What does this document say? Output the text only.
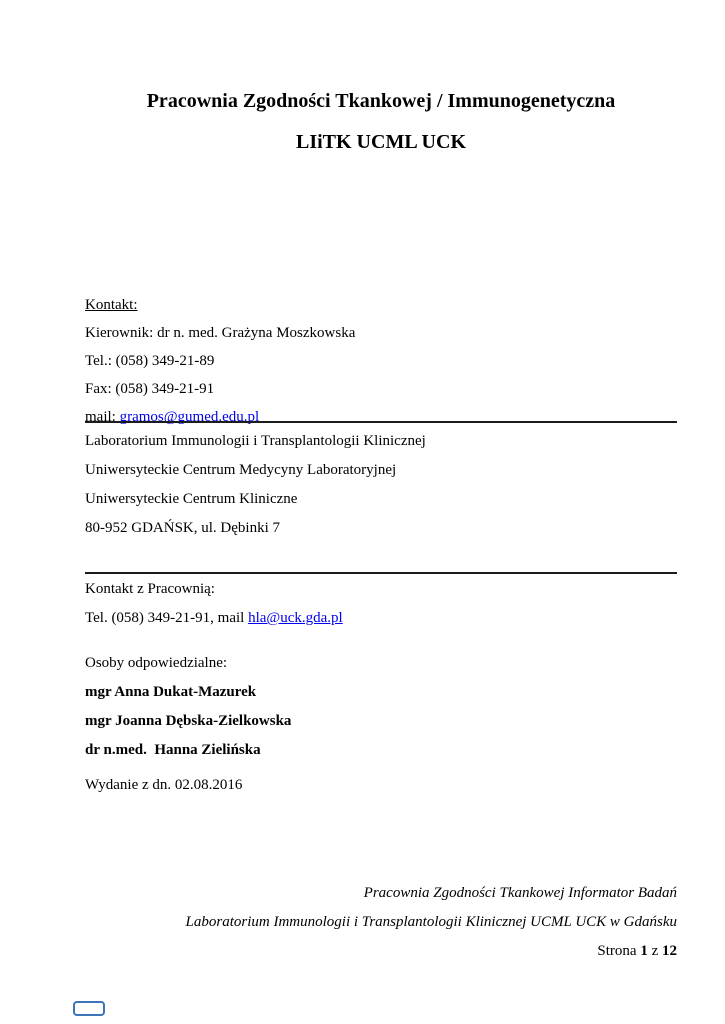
Pracownia Zgodności Tkankowej / Immunogenetyczna
LIiTK UCML UCK
Kontakt:
Kierownik: dr n. med. Grażyna Moszkowska
Tel.: (058) 349-21-89
Fax: (058) 349-21-91
mail: gramos@gumed.edu.pl
Laboratorium Immunologii i Transplantologii Klinicznej
Uniwersyteckie Centrum Medycyny Laboratoryjnej
Uniwersyteckie Centrum Kliniczne
80-952 GDAŃSK, ul. Dębinki 7
Kontakt z Pracownią:
Tel. (058) 349-21-91, mail hla@uck.gda.pl
Osoby odpowiedzialne:
mgr Anna Dukat-Mazurek
mgr Joanna Dębska-Zielkowska
dr n.med.  Hanna Zielińska
Wydanie z dn. 02.08.2016
Pracownia Zgodności Tkankowej Informator Badań
Laboratorium Immunologii i Transplantologii Klinicznej UCML UCK w Gdańsku
Strona 1 z 12
